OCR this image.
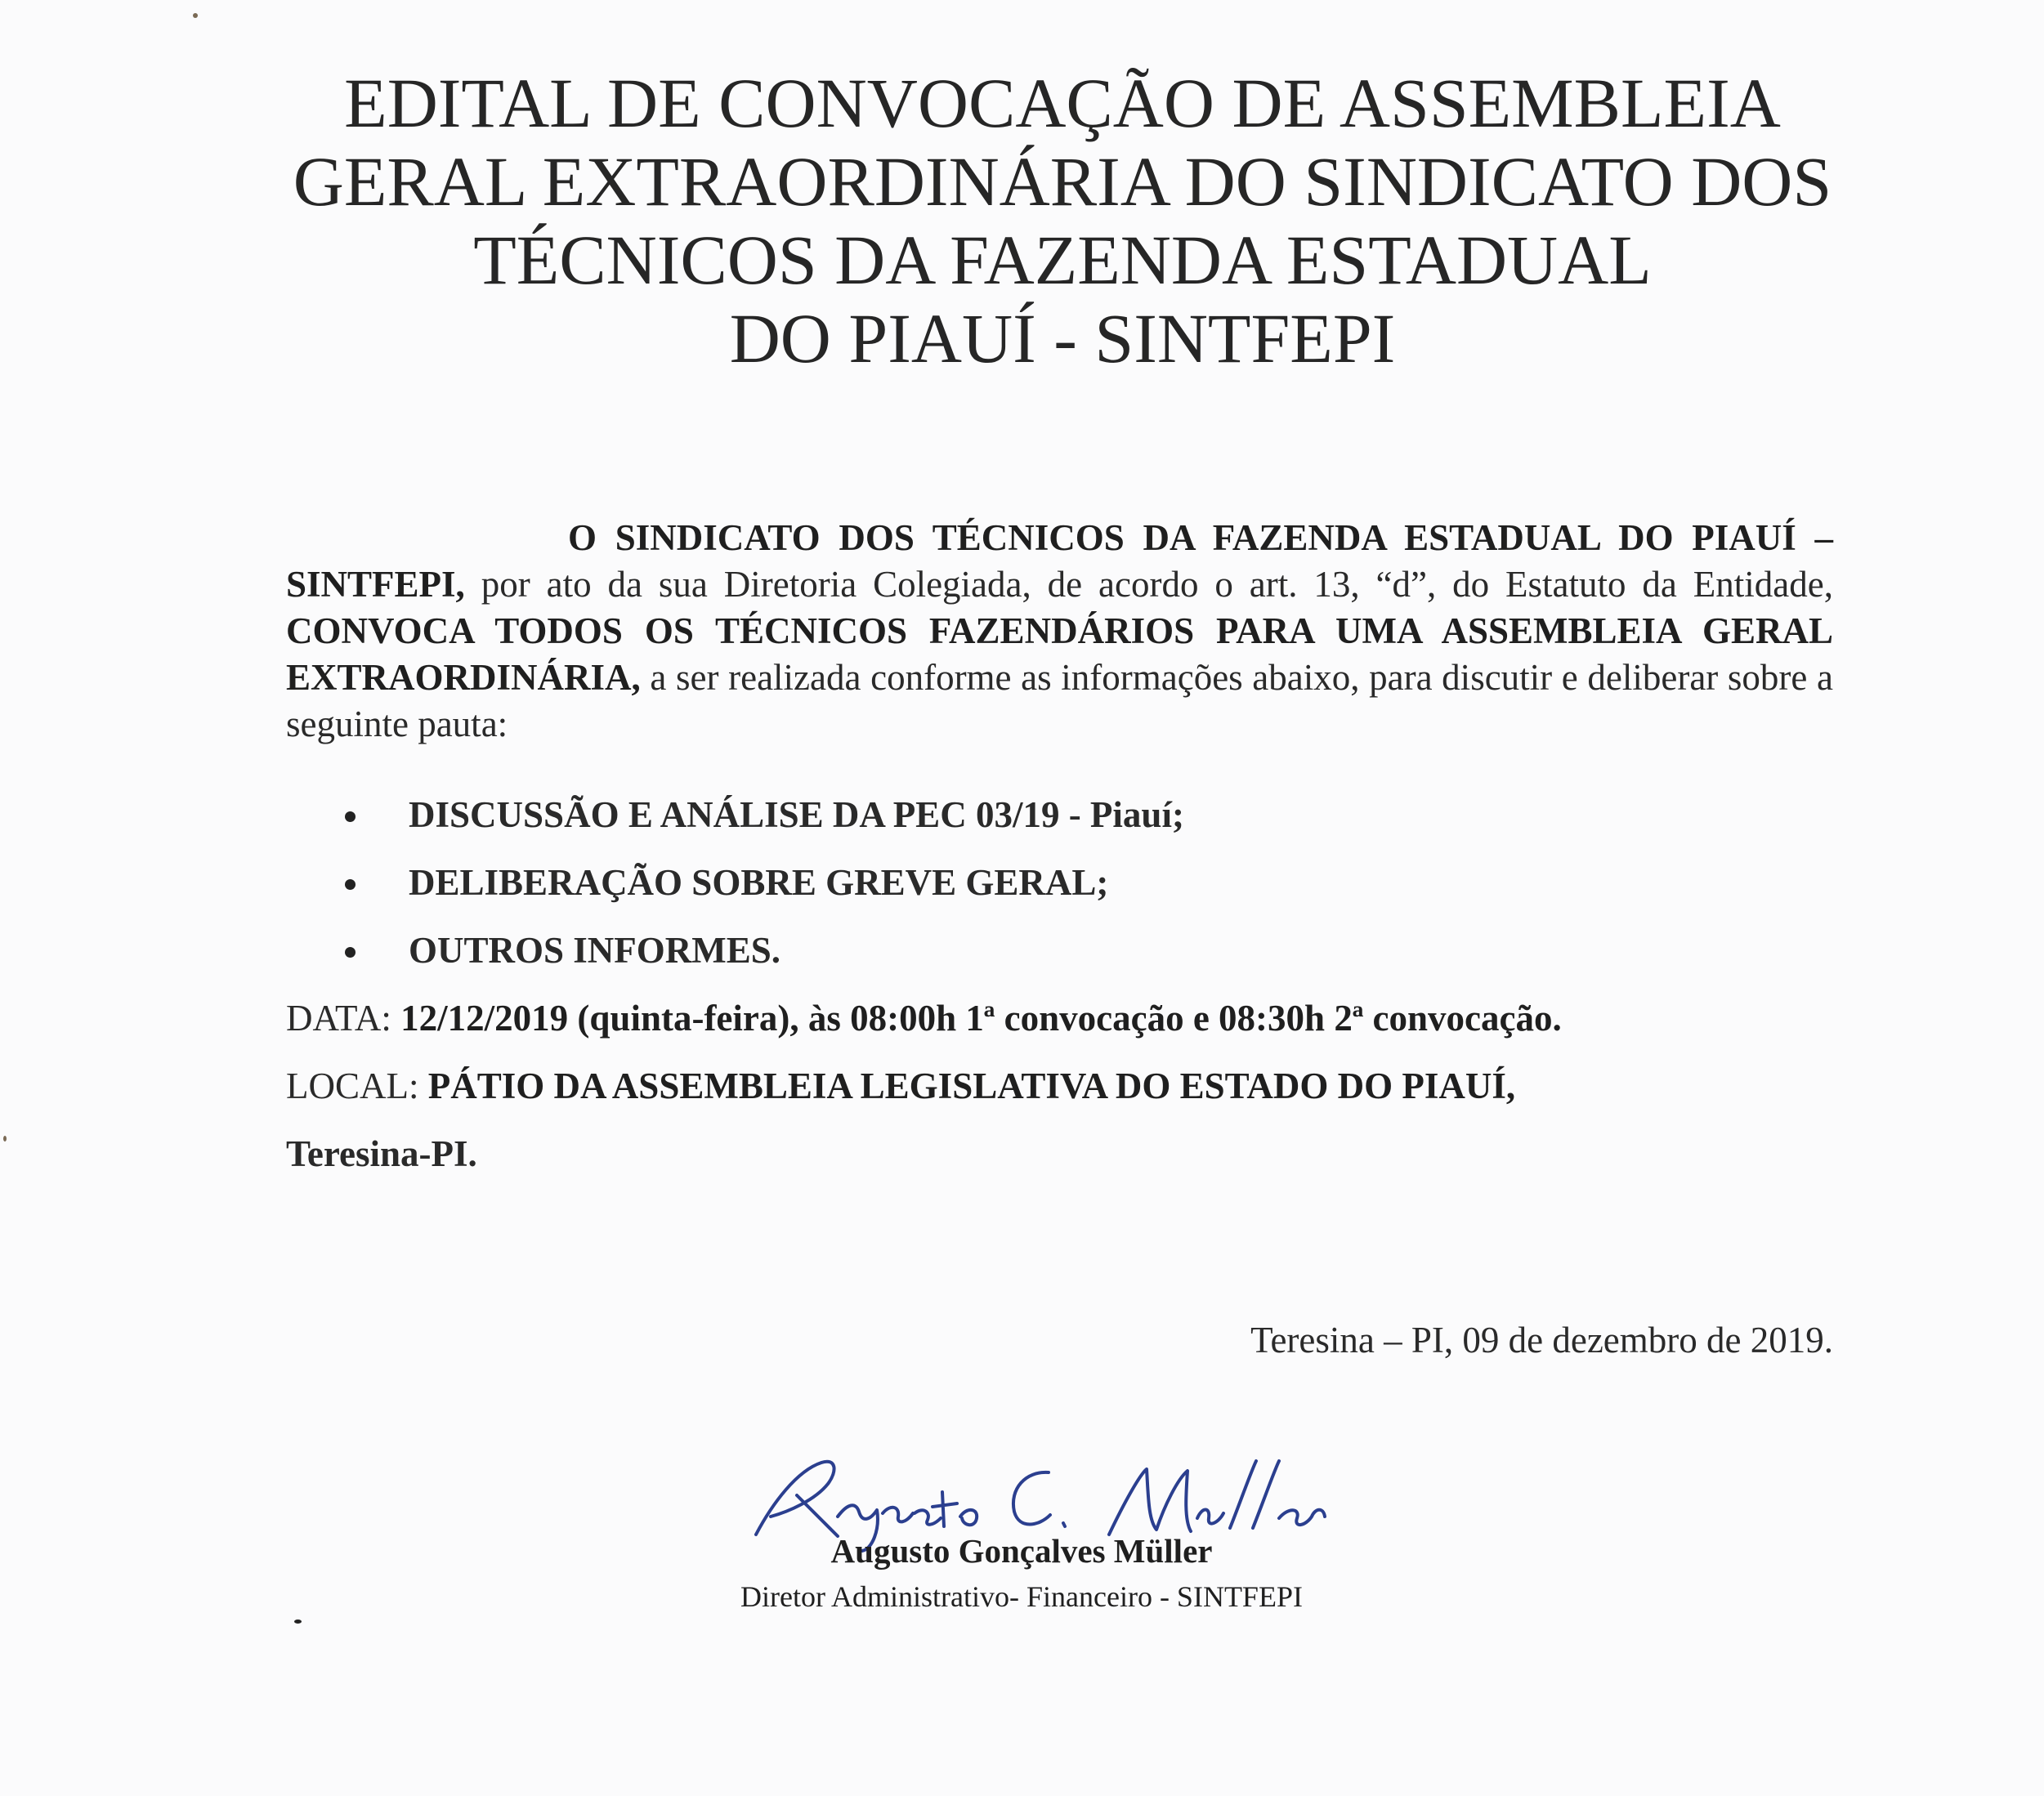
EDITAL DE CONVOCAÇÃO DE ASSEMBLEIA
GERAL EXTRAORDINÁRIA DO SINDICATO DOS
TÉCNICOS DA FAZENDA ESTADUAL
DO PIAUÍ - SINTFEPI

O SINDICATO DOS TÉCNICOS DA FAZENDA ESTADUAL DO PIAUÍ – SINTFEPI, por ato da sua Diretoria Colegiada, de acordo o art. 13, “d”, do Estatuto da Entidade, CONVOCA TODOS OS TÉCNICOS FAZENDÁRIOS PARA UMA ASSEMBLEIA GERAL EXTRAORDINÁRIA, a ser realizada conforme as informações abaixo, para discutir e deliberar sobre a seguinte pauta:

DISCUSSÃO E ANÁLISE DA PEC 03/19 - Piauí;
DELIBERAÇÃO SOBRE GREVE GERAL;
OUTROS INFORMES.

DATA: 12/12/2019 (quinta-feira), às 08:00h 1ª convocação e 08:30h 2ª convocação.

LOCAL: PÁTIO DA ASSEMBLEIA LEGISLATIVA DO ESTADO DO PIAUÍ,

Teresina-PI.

Teresina – PI, 09 de dezembro de 2019.
Augusto Gonçalves Müller
Diretor Administrativo- Financeiro - SINTFEPI
